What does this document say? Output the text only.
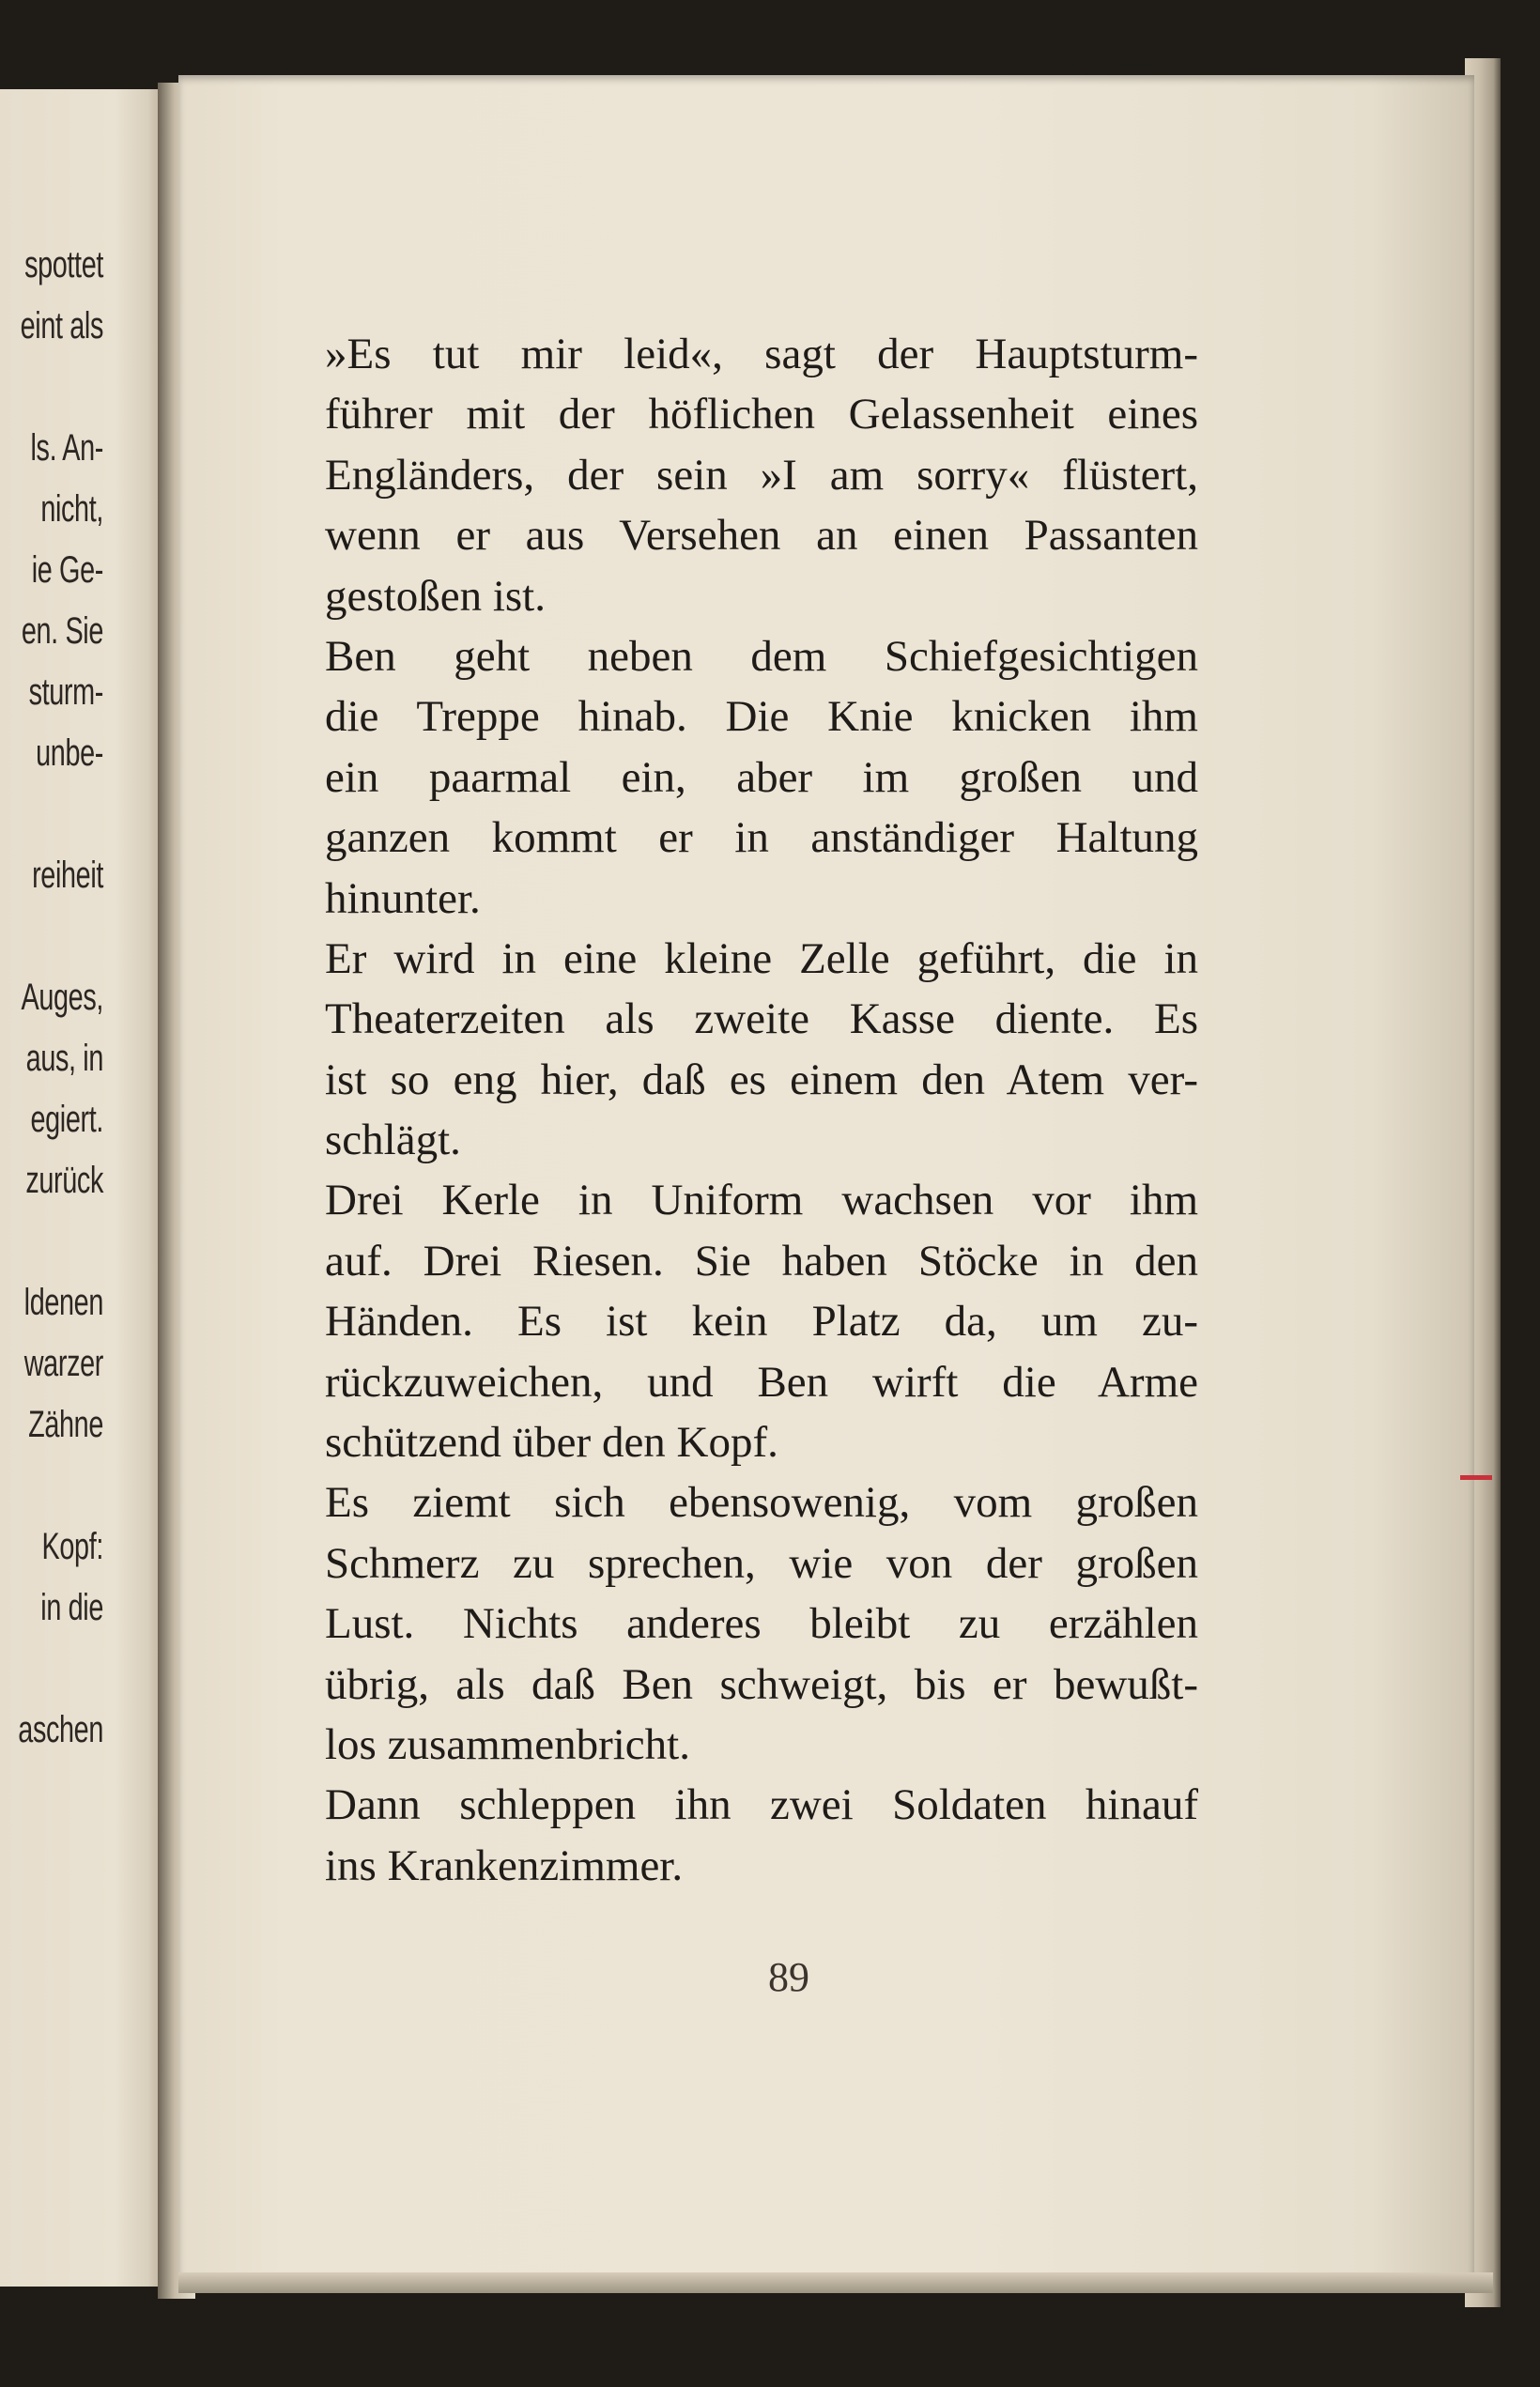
spottet
eint als
ls. An-
nicht,
ie Ge-
en. Sie
sturm-
unbe-
reiheit
Auges,
aus, in
egiert.
zurück
ldenen
warzer
Zähne
Kopf:
in die
aschen
»Es tut mir leid«, sagt der Hauptsturm-
führer mit der höflichen Gelassenheit eines
Engländers, der sein »I am sorry« flüstert,
wenn er aus Versehen an einen Passanten
gestoßen ist.
Ben geht neben dem Schiefgesichtigen
die Treppe hinab. Die Knie knicken ihm
ein paarmal ein, aber im großen und
ganzen kommt er in anständiger Haltung
hinunter.
Er wird in eine kleine Zelle geführt, die in
Theaterzeiten als zweite Kasse diente. Es
ist so eng hier, daß es einem den Atem ver-
schlägt.
Drei Kerle in Uniform wachsen vor ihm
auf. Drei Riesen. Sie haben Stöcke in den
Händen. Es ist kein Platz da, um zu-
rückzuweichen, und Ben wirft die Arme
schützend über den Kopf.
Es ziemt sich ebensowenig, vom großen
Schmerz zu sprechen, wie von der großen
Lust. Nichts anderes bleibt zu erzählen
übrig, als daß Ben schweigt, bis er bewußt-
los zusammenbricht.
Dann schleppen ihn zwei Soldaten hinauf
ins Krankenzimmer.
89
